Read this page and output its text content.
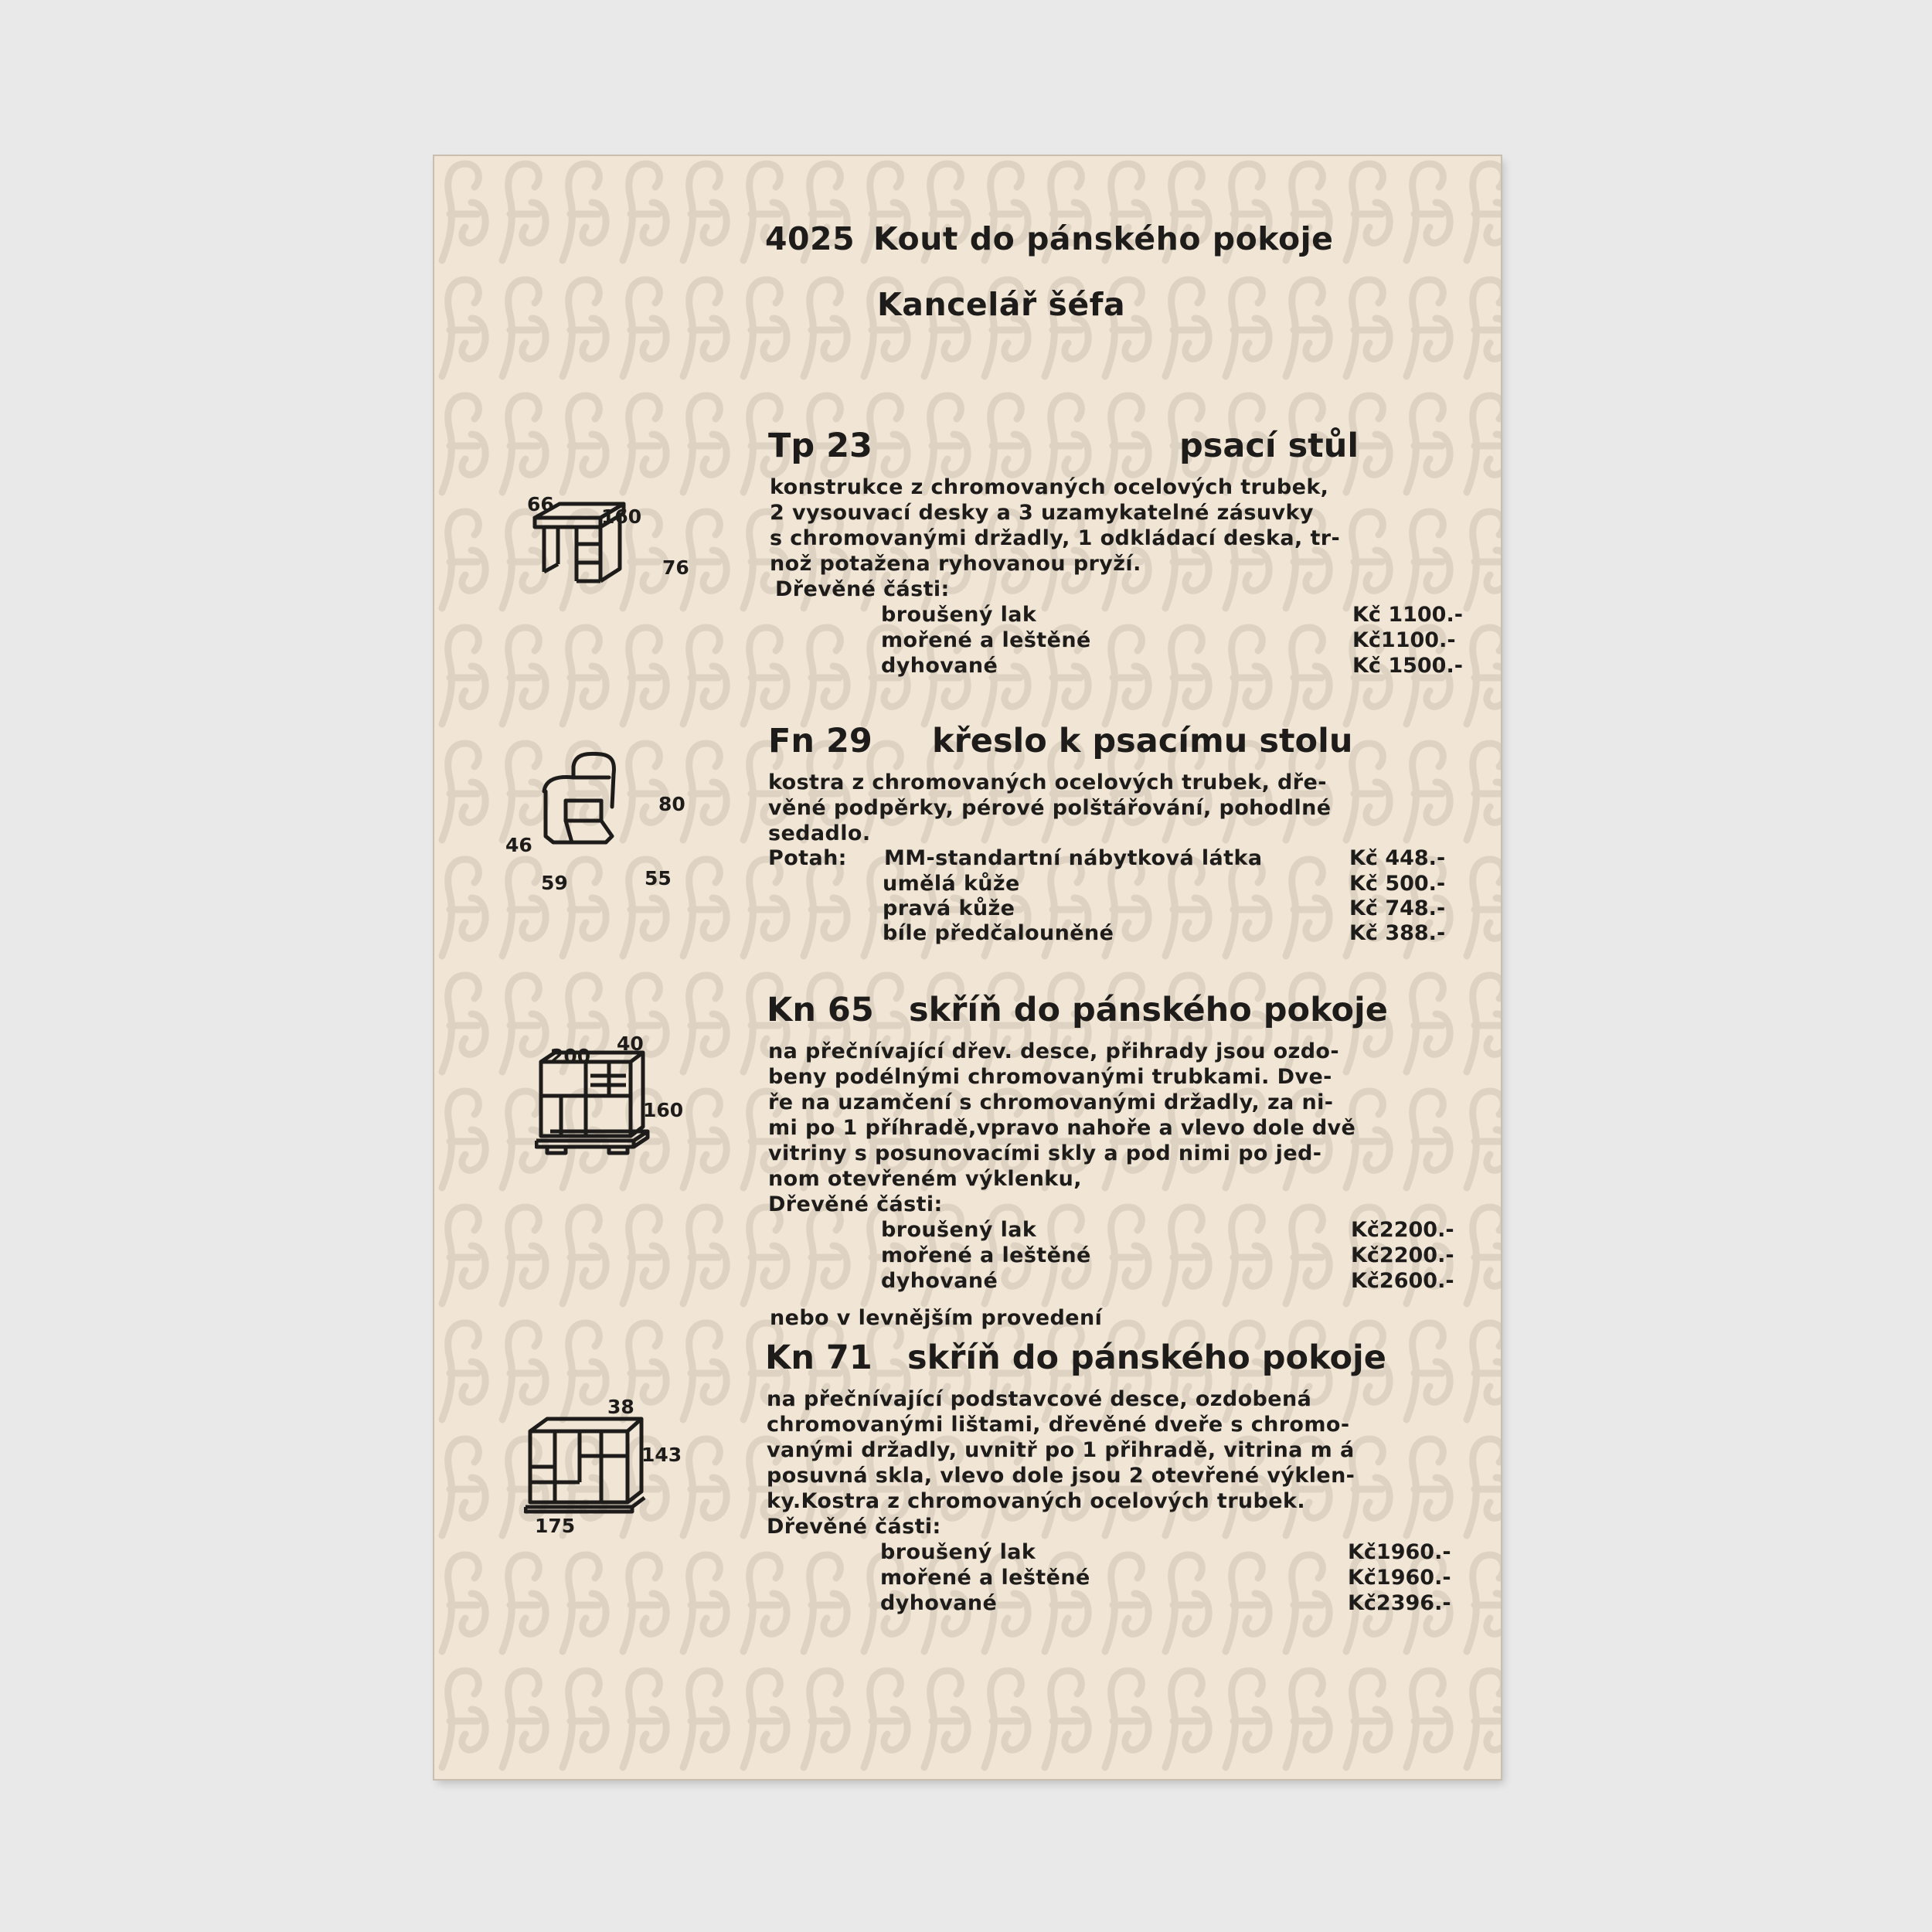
4025 Kout do pánského pokoje
Kancelář šéfa
Tp 23	psací stůl
konstrukce z chromovaných ocelových trubek,
2 vysouvací desky a 3 uzamykatelné zásuvky
s chromovanými držadly, 1 odkládací deska, tr-
nož potažena ryhovanou pryží.
Dřevěné části:
broušený lak	Kč 1100.-
mořené a leštěné	Kč1100.-
dyhované	Kč 1500.-
66
160
76
Fn 29 křeslo k psacímu stolu
kostra z chromovaných ocelových trubek, dře-
věné podpěrky, pérové polštářování, pohodlné
sedadlo.
Potah: MM-standartní nábytková látka	Kč 448.-
umělá kůže	Kč 500.-
pravá kůže	Kč 748.-
bíle předčalouněné	Kč 388.-
80
46
59	55
Kn 65 skříň do pánského pokoje
na přečnívající dřev. desce, přihrady jsou ozdo-
beny podélnými chromovanými trubkami. Dve-
ře na uzamčení s chromovanými držadly, za ni-
mi po 1 příhradě,vpravo nahoře a vlevo dole dvě
vitriny s posunovacími skly a pod nimi po jed-
nom otevřeném výklenku,
Dřevěné části:
broušený lak	Kč2200.-
mořené a leštěné	Kč2200.-
dyhované	Kč2600.-
nebo v levnějším provedení
200
40
160
Kn 71 skříň do pánského pokoje
na přečnívající podstavcové desce, ozdobená
chromovanými lištami, dřevěné dveře s chromo-
vanými držadly, uvnitř po 1 přihradě, vitrina m á
posuvná skla, vlevo dole jsou 2 otevřené výklen-
ky.Kostra z chromovaných ocelových trubek.
Dřevěné části:
broušený lak	Kč1960.-
mořené a leštěné	Kč1960.-
dyhované	Kč2396.-
38
143
175
